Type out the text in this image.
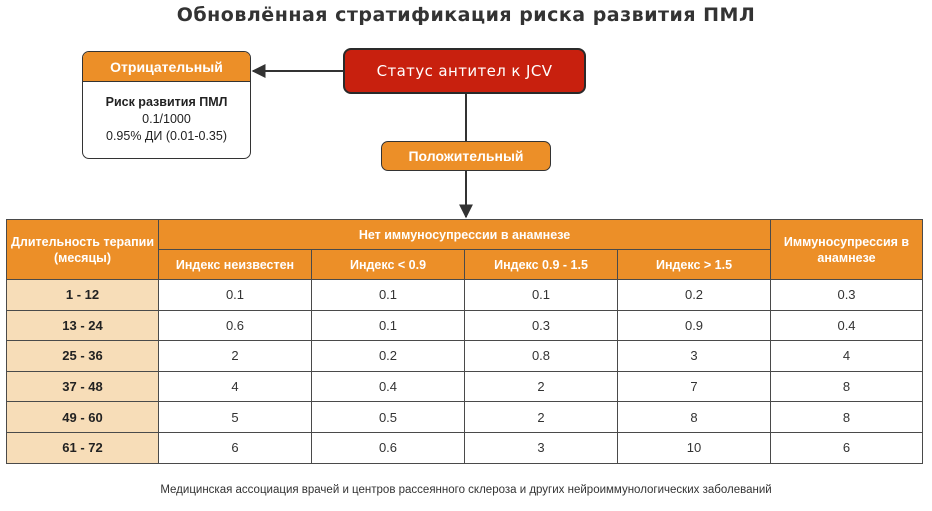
Обновлённая стратификация риска развития ПМЛ
Статус антител к JCV
Отрицательный
Риск развития ПМЛ
0.1/1000
0.95% ДИ (0.01-0.35)
Положительный
Длительность терапии (месяцы)	Нет иммуносупрессии в анамнезе				Иммуносупрессия в анамнезе
	Индекс неизвестен	Индекс < 0.9	Индекс 0.9 - 1.5	Индекс > 1.5	
1 - 12	0.1	0.1	0.1	0.2	0.3
13 - 24	0.6	0.1	0.3	0.9	0.4
25 - 36	2	0.2	0.8	3	4
37 - 48	4	0.4	2	7	8
49 - 60	5	0.5	2	8	8
61 - 72	6	0.6	3	10	6
Медицинская ассоциация врачей и центров рассеянного склероза и других нейроиммунологических заболеваний
